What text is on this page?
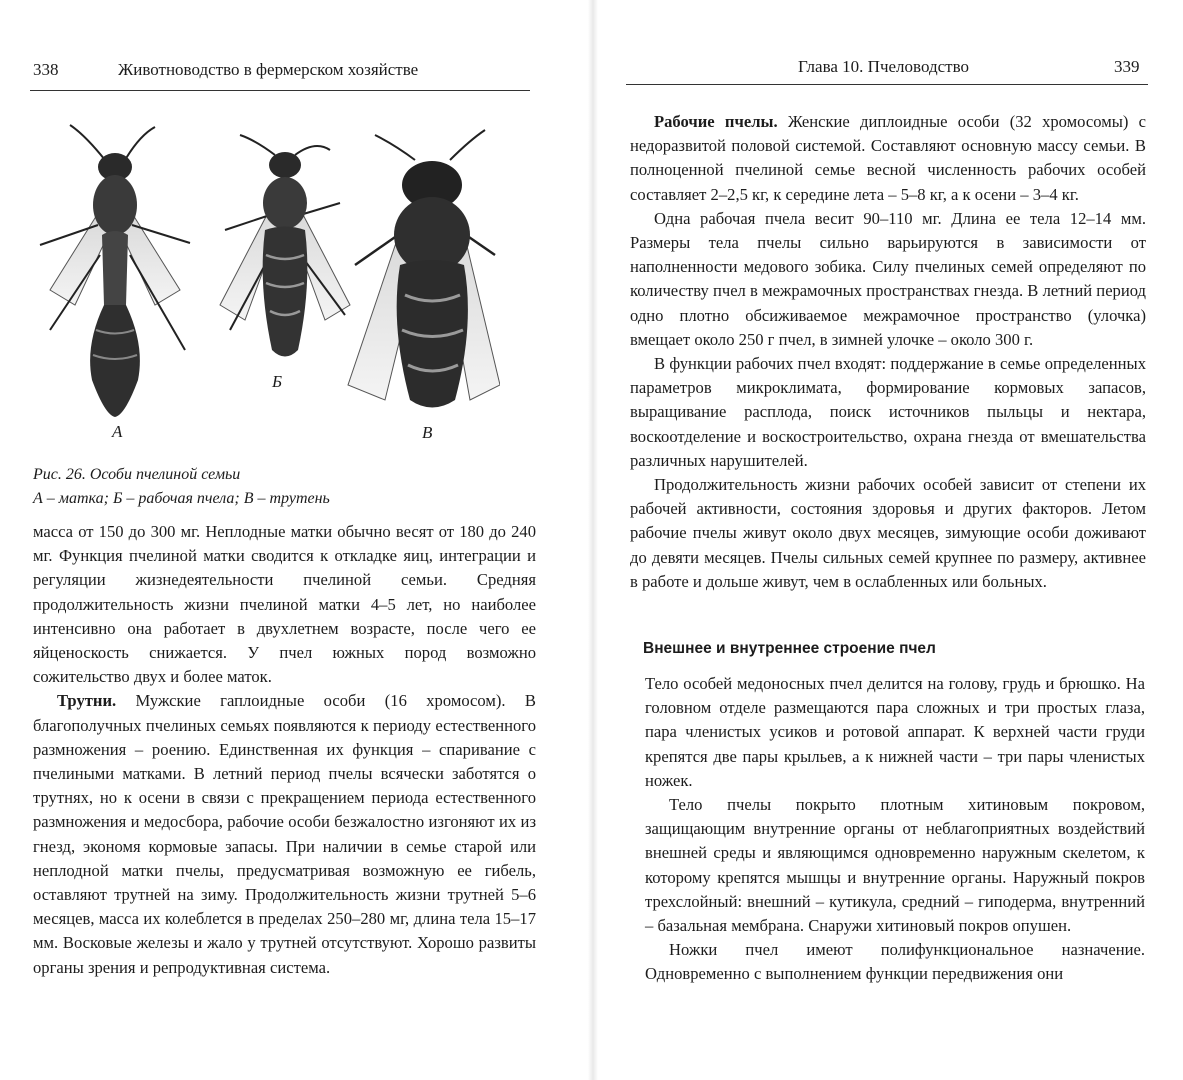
338	Животноводство в фермерском хозяйстве
А
Б
В
Рис. 26. Особи пчелиной семьи
А – матка; Б – рабочая пчела; В – трутень

масса от 150 до 300 мг. Неплодные матки обычно весят от 180 до 240 мг. Функция пчелиной матки сводится к откладке яиц, интеграции и регуляции жизнедеятельности пчелиной семьи. Средняя продолжительность жизни пчелиной матки 4–5 лет, но наиболее интенсивно она работает в двухлетнем возрасте, после чего ее яйценоскость снижается. У пчел южных пород возможно сожительство двух и более маток.

Трутни. Мужские гаплоидные особи (16 хромосом). В благополучных пчелиных семьях появляются к периоду естественного размножения – роению. Единственная их функция – спаривание с пчелиными матками. В летний период пчелы всячески заботятся о трутнях, но к осени в связи с прекращением периода естественного размножения и медосбора, рабочие особи безжалостно изгоняют их из гнезд, экономя кормовые запасы. При наличии в семье старой или неплодной матки пчелы, предусматривая возможную ее гибель, оставляют трутней на зиму. Продолжительность жизни трутней 5–6 месяцев, масса их колеблется в пределах 250–280 мг, длина тела 15–17 мм. Восковые железы и жало у трутней отсутствуют. Хорошо развиты органы зрения и репродуктивная система.

Глава 10. Пчеловодство	339

Рабочие пчелы. Женские диплоидные особи (32 хромосомы) с недоразвитой половой системой. Составляют основную массу семьи. В полноценной пчелиной семье весной численность рабочих особей составляет 2–2,5 кг, к середине лета – 5–8 кг, а к осени – 3–4 кг.

Одна рабочая пчела весит 90–110 мг. Длина ее тела 12–14 мм. Размеры тела пчелы сильно варьируются в зависимости от наполненности медового зобика. Силу пчелиных семей определяют по количеству пчел в межрамочных пространствах гнезда. В летний период одно плотно обсиживаемое межрамочное пространство (улочка) вмещает около 250 г пчел, в зимней улочке – около 300 г.

В функции рабочих пчел входят: поддержание в семье определенных параметров микроклимата, формирование кормовых запасов, выращивание расплода, поиск источников пыльцы и нектара, воскоотделение и воскостроительство, охрана гнезда от вмешательства различных нарушителей.

Продолжительность жизни рабочих особей зависит от степени их рабочей активности, состояния здоровья и других факторов. Летом рабочие пчелы живут около двух месяцев, зимующие особи доживают до девяти месяцев. Пчелы сильных семей крупнее по размеру, активнее в работе и дольше живут, чем в ослабленных или больных.

Внешнее и внутреннее строение пчел

Тело особей медоносных пчел делится на голову, грудь и брюшко. На головном отделе размещаются пара сложных и три простых глаза, пара членистых усиков и ротовой аппарат. К верхней части груди крепятся две пары крыльев, а к нижней части – три пары членистых ножек.

Тело пчелы покрыто плотным хитиновым покровом, защищающим внутренние органы от неблагоприятных воздействий внешней среды и являющимся одновременно наружным скелетом, к которому крепятся мышцы и внутренние органы. Наружный покров трехслойный: внешний – кутикула, средний – гиподерма, внутренний – базальная мембрана. Снаружи хитиновый покров опушен.

Ножки пчел имеют полифункциональное назначение. Одновременно с выполнением функции передвижения они
